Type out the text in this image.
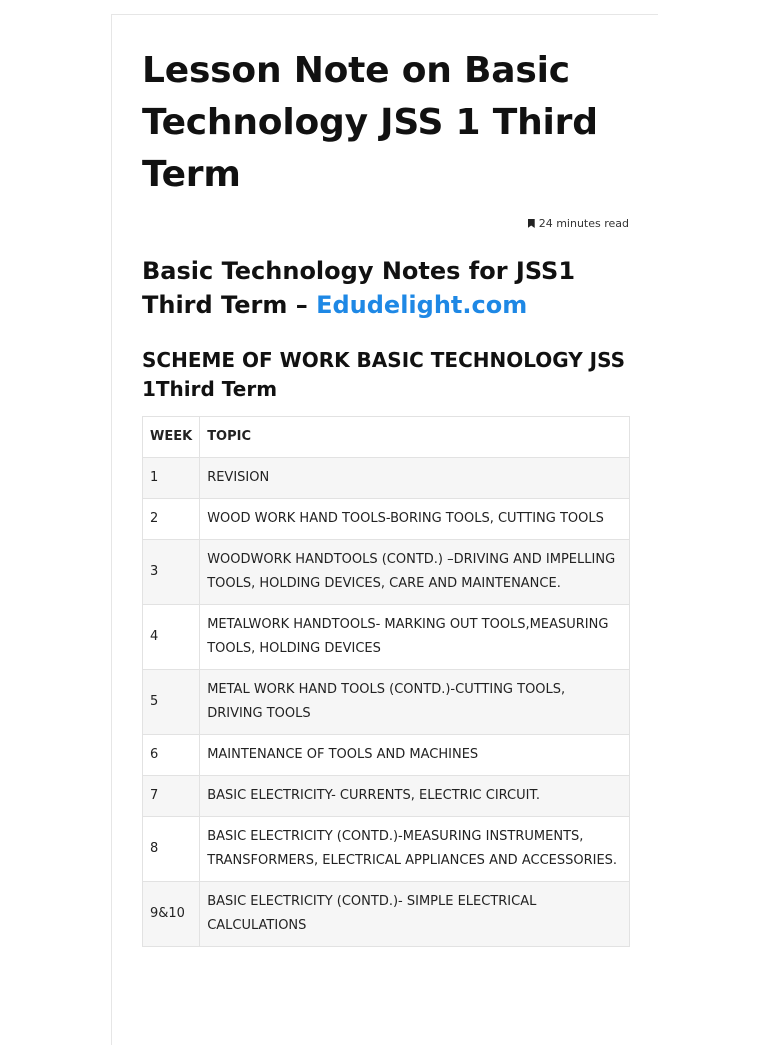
Lesson Note on Basic Technology JSS 1 Third Term
24 minutes read
Basic Technology Notes for JSS1 Third Term – Edudelight.com
SCHEME OF WORK BASIC TECHNOLOGY JSS 1Third Term
WEEK	TOPIC
1	REVISION
2	WOOD WORK HAND TOOLS-BORING TOOLS, CUTTING TOOLS
3	WOODWORK HANDTOOLS (CONTD.) –DRIVING AND IMPELLING TOOLS, HOLDING DEVICES, CARE AND MAINTENANCE.
4	METALWORK HANDTOOLS- MARKING OUT TOOLS,MEASURING TOOLS, HOLDING DEVICES
5	METAL WORK HAND TOOLS (CONTD.)-CUTTING TOOLS, DRIVING TOOLS
6	MAINTENANCE OF TOOLS AND MACHINES
7	BASIC ELECTRICITY- CURRENTS, ELECTRIC CIRCUIT.
8	BASIC ELECTRICITY (CONTD.)-MEASURING INSTRUMENTS, TRANSFORMERS, ELECTRICAL APPLIANCES AND ACCESSORIES.
9&10	BASIC ELECTRICITY (CONTD.)- SIMPLE ELECTRICAL CALCULATIONS
